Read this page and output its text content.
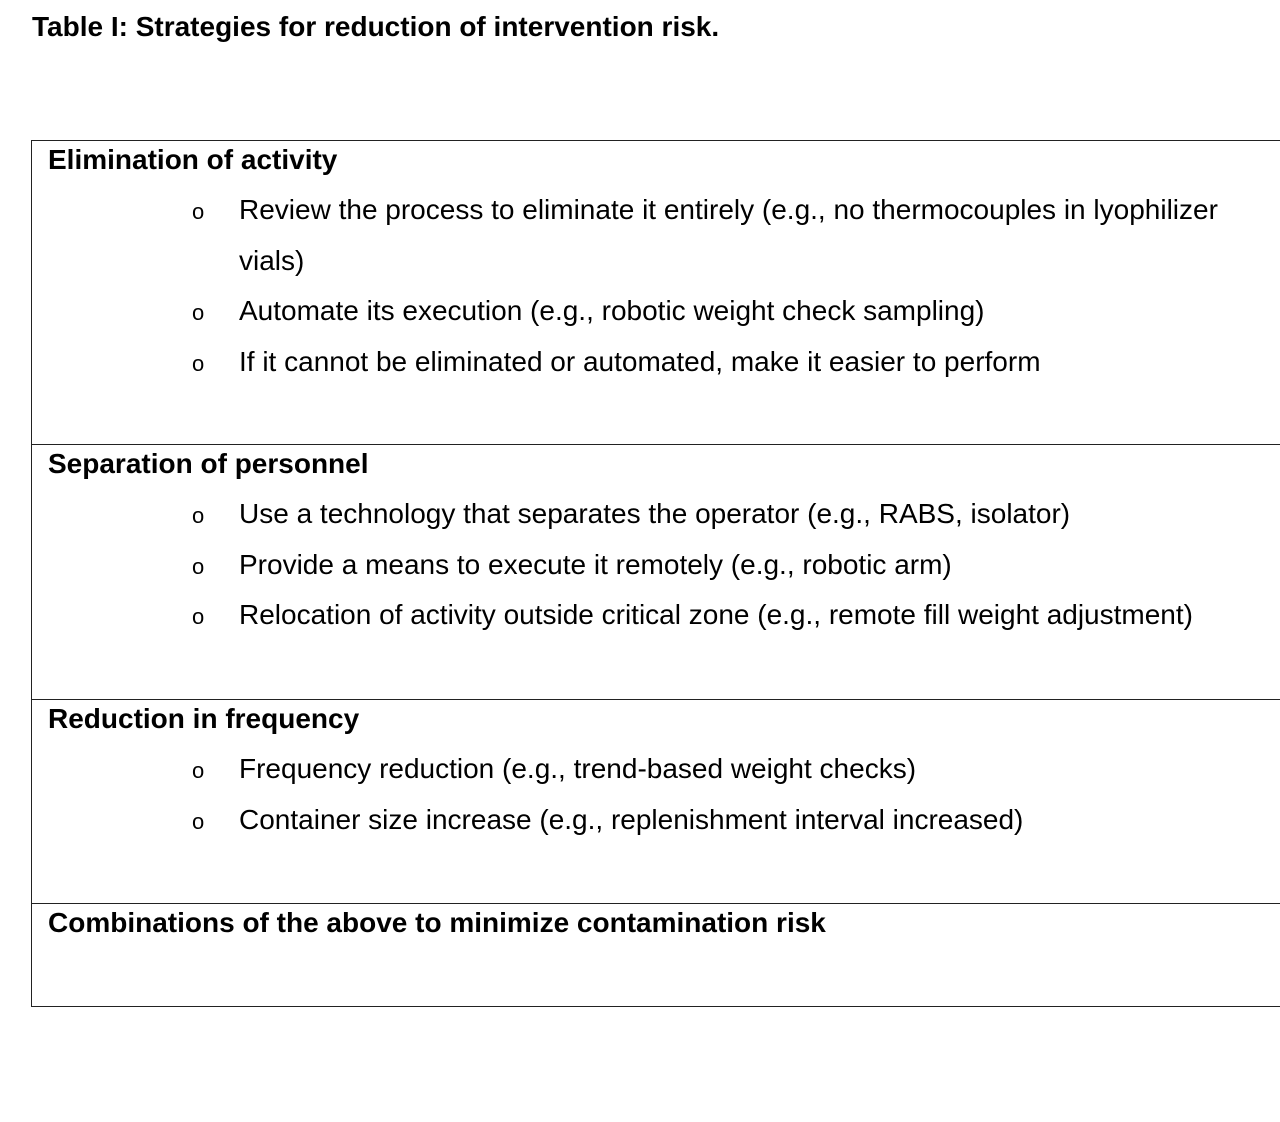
Table I: Strategies for reduction of intervention risk.
Elimination of activity
o Review the process to eliminate it entirely (e.g., no thermocouples in lyophilizer vials)
o Automate its execution (e.g., robotic weight check sampling)
o If it cannot be eliminated or automated, make it easier to perform
Separation of personnel
o Use a technology that separates the operator (e.g., RABS, isolator)
o Provide a means to execute it remotely (e.g., robotic arm)
o Relocation of activity outside critical zone (e.g., remote fill weight adjustment)
Reduction in frequency
o Frequency reduction (e.g., trend-based weight checks)
o Container size increase (e.g., replenishment interval increased)
Combinations of the above to minimize contamination risk
